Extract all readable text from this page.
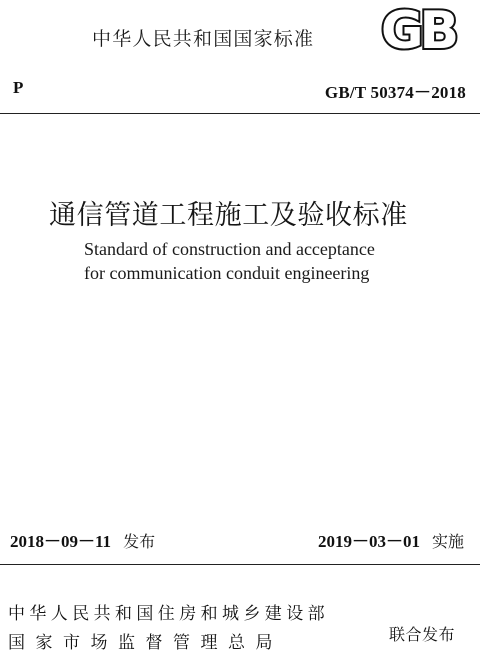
中华人民共和国国家标准 GB
P	GB/T 50374－2018
通信管道工程施工及验收标准
Standard of construction and acceptance
for communication conduit engineering
2018－09－11 发布	2019－03－01 实施
中华人民共和国住房和城乡建设部
国家市场监督管理总局	联合发布
